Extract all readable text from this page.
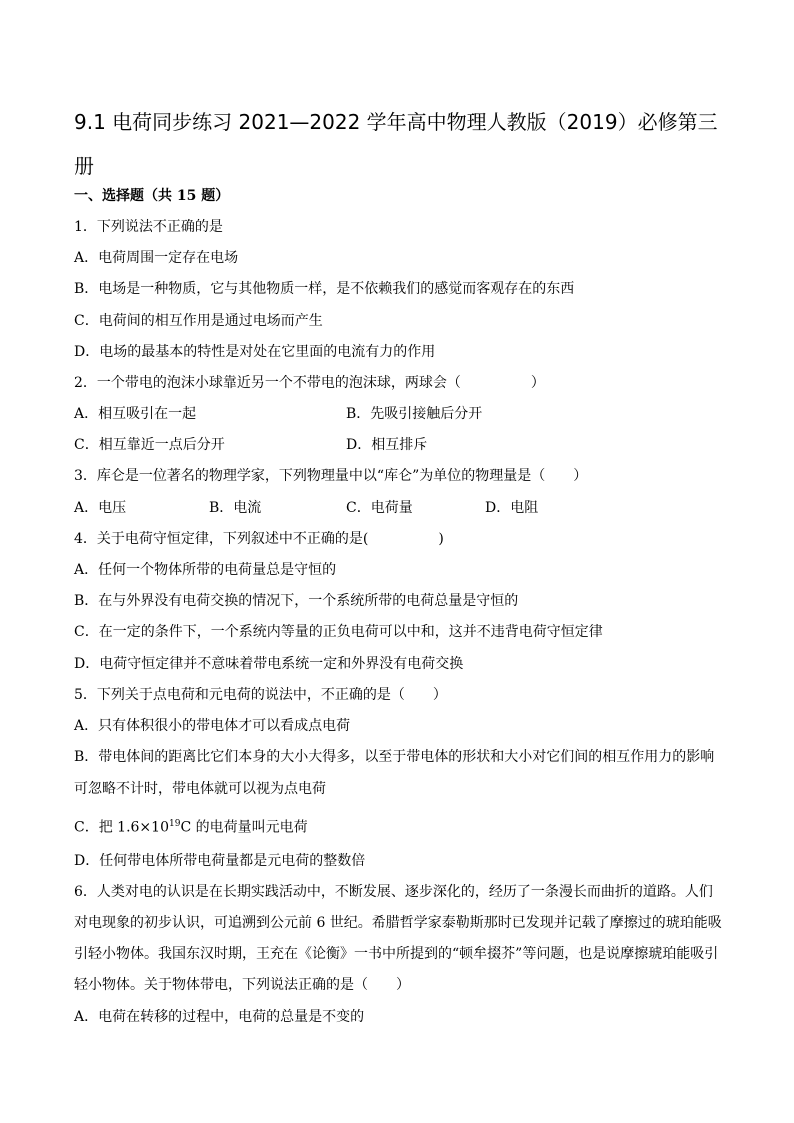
9.1 电荷同步练习 2021—2022 学年高中物理人教版（2019）必修第三
册
一、选择题（共 15 题）
1．下列说法不正确的是
A．电荷周围一定存在电场
B．电场是一种物质，它与其他物质一样，是不依赖我们的感觉而客观存在的东西
C．电荷间的相互作用是通过电场而产生
D．电场的最基本的特性是对处在它里面的电流有力的作用
2．一个带电的泡沫小球靠近另一个不带电的泡沫球，两球会（　　　　　）
A．相互吸引在一起	B．先吸引接触后分开
C．相互靠近一点后分开	D．相互排斥
3．库仑是一位著名的物理学家，下列物理量中以“库仑”为单位的物理量是（　　）
A．电压	B．电流	C．电荷量	D．电阻
4．关于电荷守恒定律，下列叙述中不正确的是(　　　　　)
A．任何一个物体所带的电荷量总是守恒的
B．在与外界没有电荷交换的情况下，一个系统所带的电荷总量是守恒的
C．在一定的条件下，一个系统内等量的正负电荷可以中和，这并不违背电荷守恒定律
D．电荷守恒定律并不意味着带电系统一定和外界没有电荷交换
5．下列关于点电荷和元电荷的说法中，不正确的是（　　）
A．只有体积很小的带电体才可以看成点电荷
B．带电体间的距离比它们本身的大小大得多，以至于带电体的形状和大小对它们间的相互作用力的影响
可忽略不计时，带电体就可以视为点电荷
C．把 $1.6\times 10^{19}C$ 的电荷量叫元电荷
D．任何带电体所带电荷量都是元电荷的整数倍
6．人类对电的认识是在长期实践活动中，不断发展、逐步深化的，经历了一条漫长而曲折的道路。人们
对电现象的初步认识，可追溯到公元前 6 世纪。希腊哲学家泰勒斯那时已发现并记载了摩擦过的琥珀能吸
引轻小物体。我国东汉时期，王充在《论衡》一书中所提到的“顿牟掇芥”等问题，也是说摩擦琥珀能吸引
轻小物体。关于物体带电，下列说法正确的是（　　）
A．电荷在转移的过程中，电荷的总量是不变的
